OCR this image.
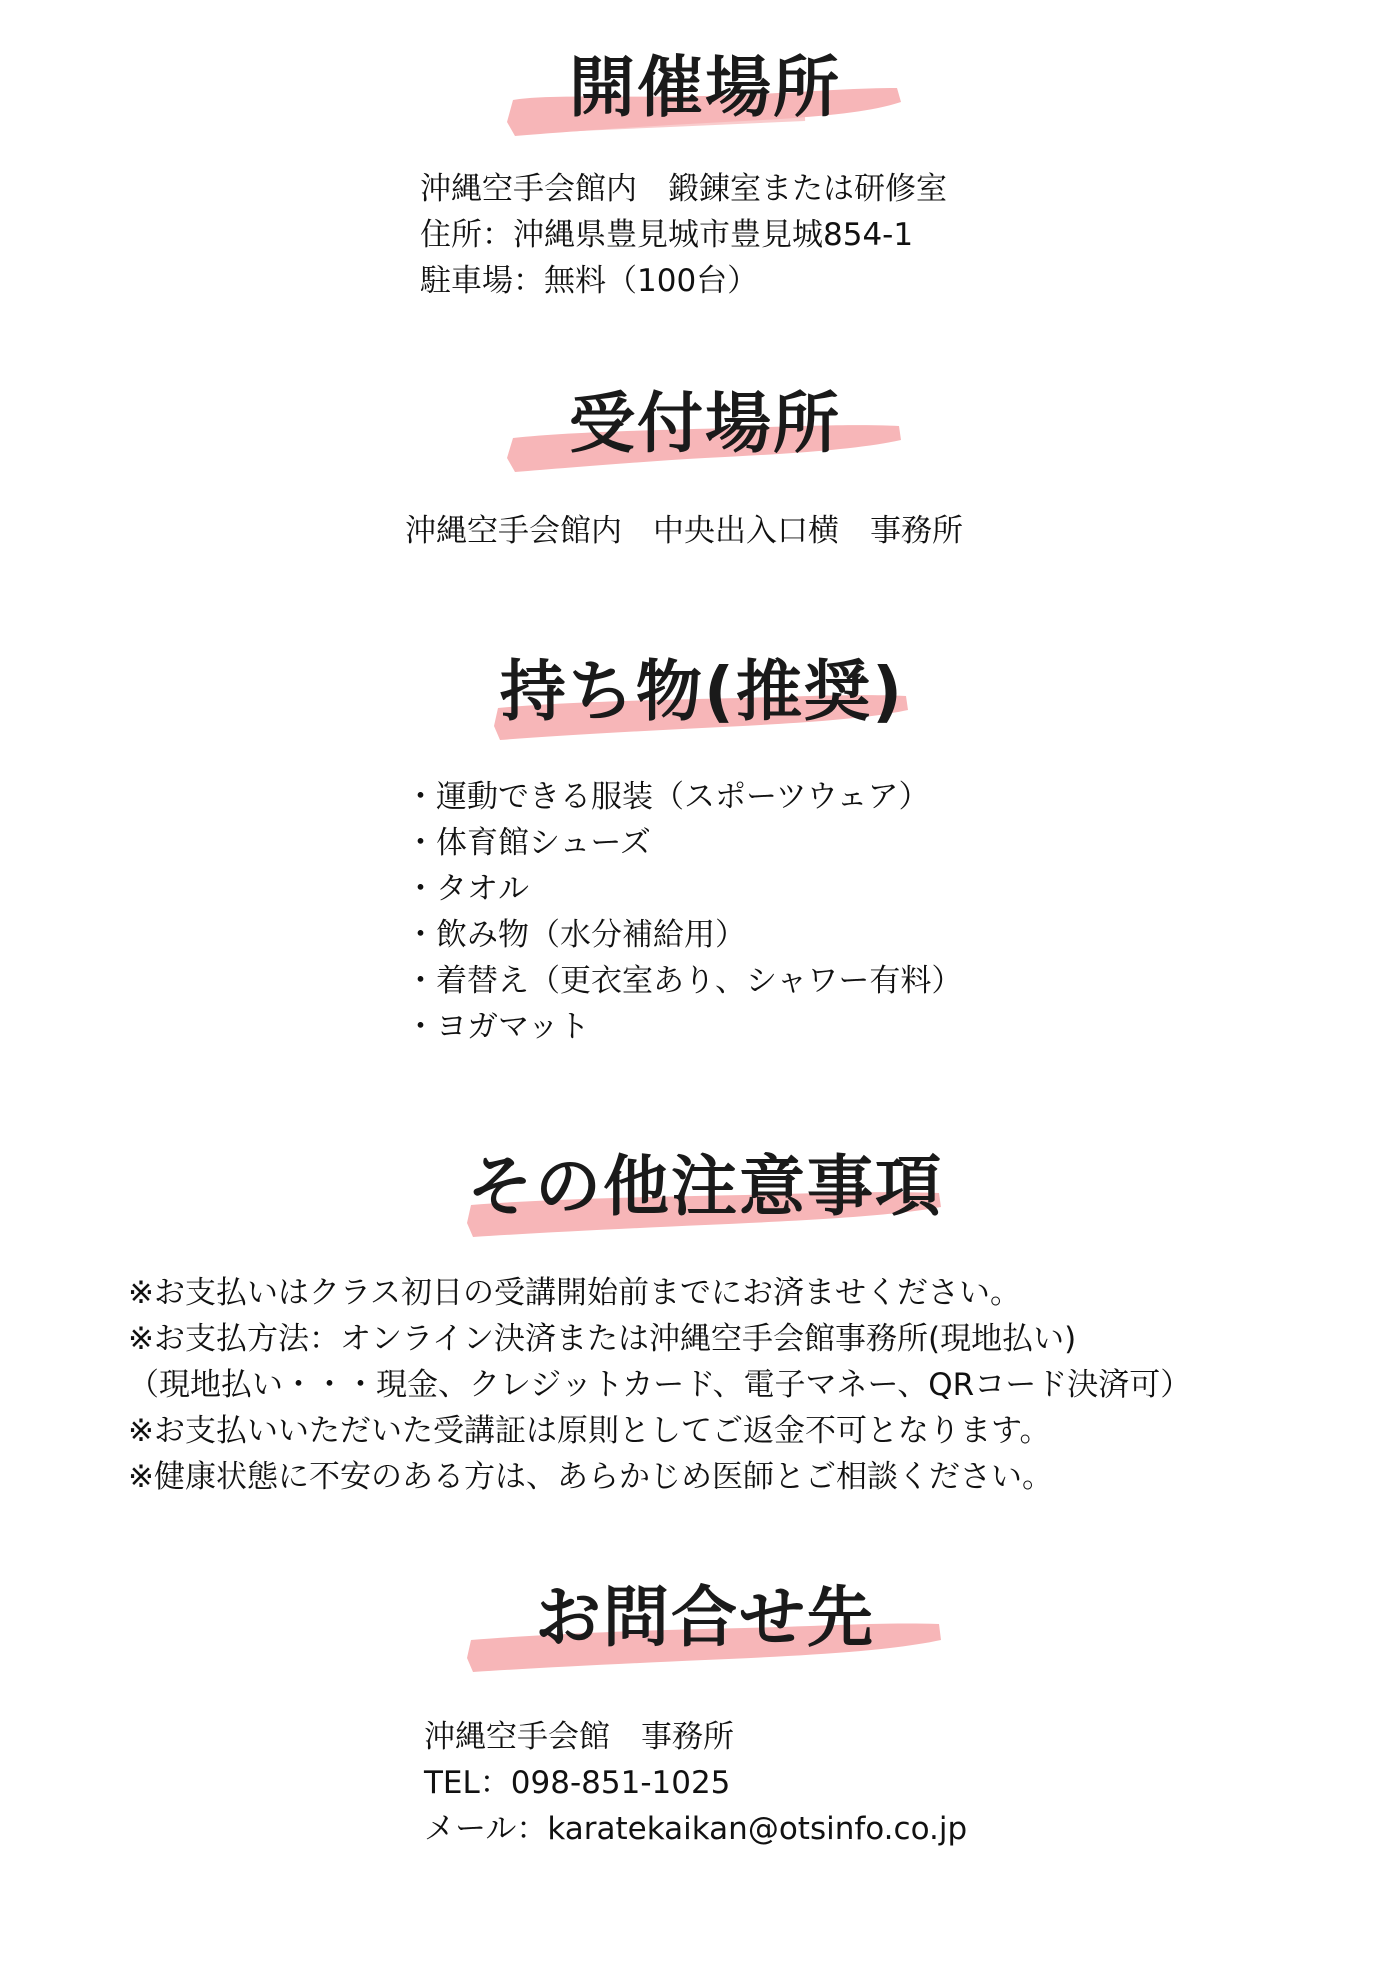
開催場所
沖縄空手会館内　鍛錬室または研修室
住所：沖縄県豊見城市豊見城854-1
駐車場：無料（100台）
受付場所
沖縄空手会館内　中央出入口横　事務所
持ち物(推奨)
・運動できる服装（スポーツウェア）
・体育館シューズ
・タオル
・飲み物（水分補給用）
・着替え（更衣室あり、シャワー有料）
・ヨガマット
その他注意事項
※お支払いはクラス初日の受講開始前までにお済ませください。
※お支払方法：オンライン決済または沖縄空手会館事務所(現地払い)
（現地払い・・・現金、クレジットカード、電子マネー、QRコード決済可）
※お支払いいただいた受講証は原則としてご返金不可となります。
※健康状態に不安のある方は、あらかじめ医師とご相談ください。
お問合せ先
沖縄空手会館　事務所
TEL：098-851-1025
メール：karatekaikan@otsinfo.co.jp
